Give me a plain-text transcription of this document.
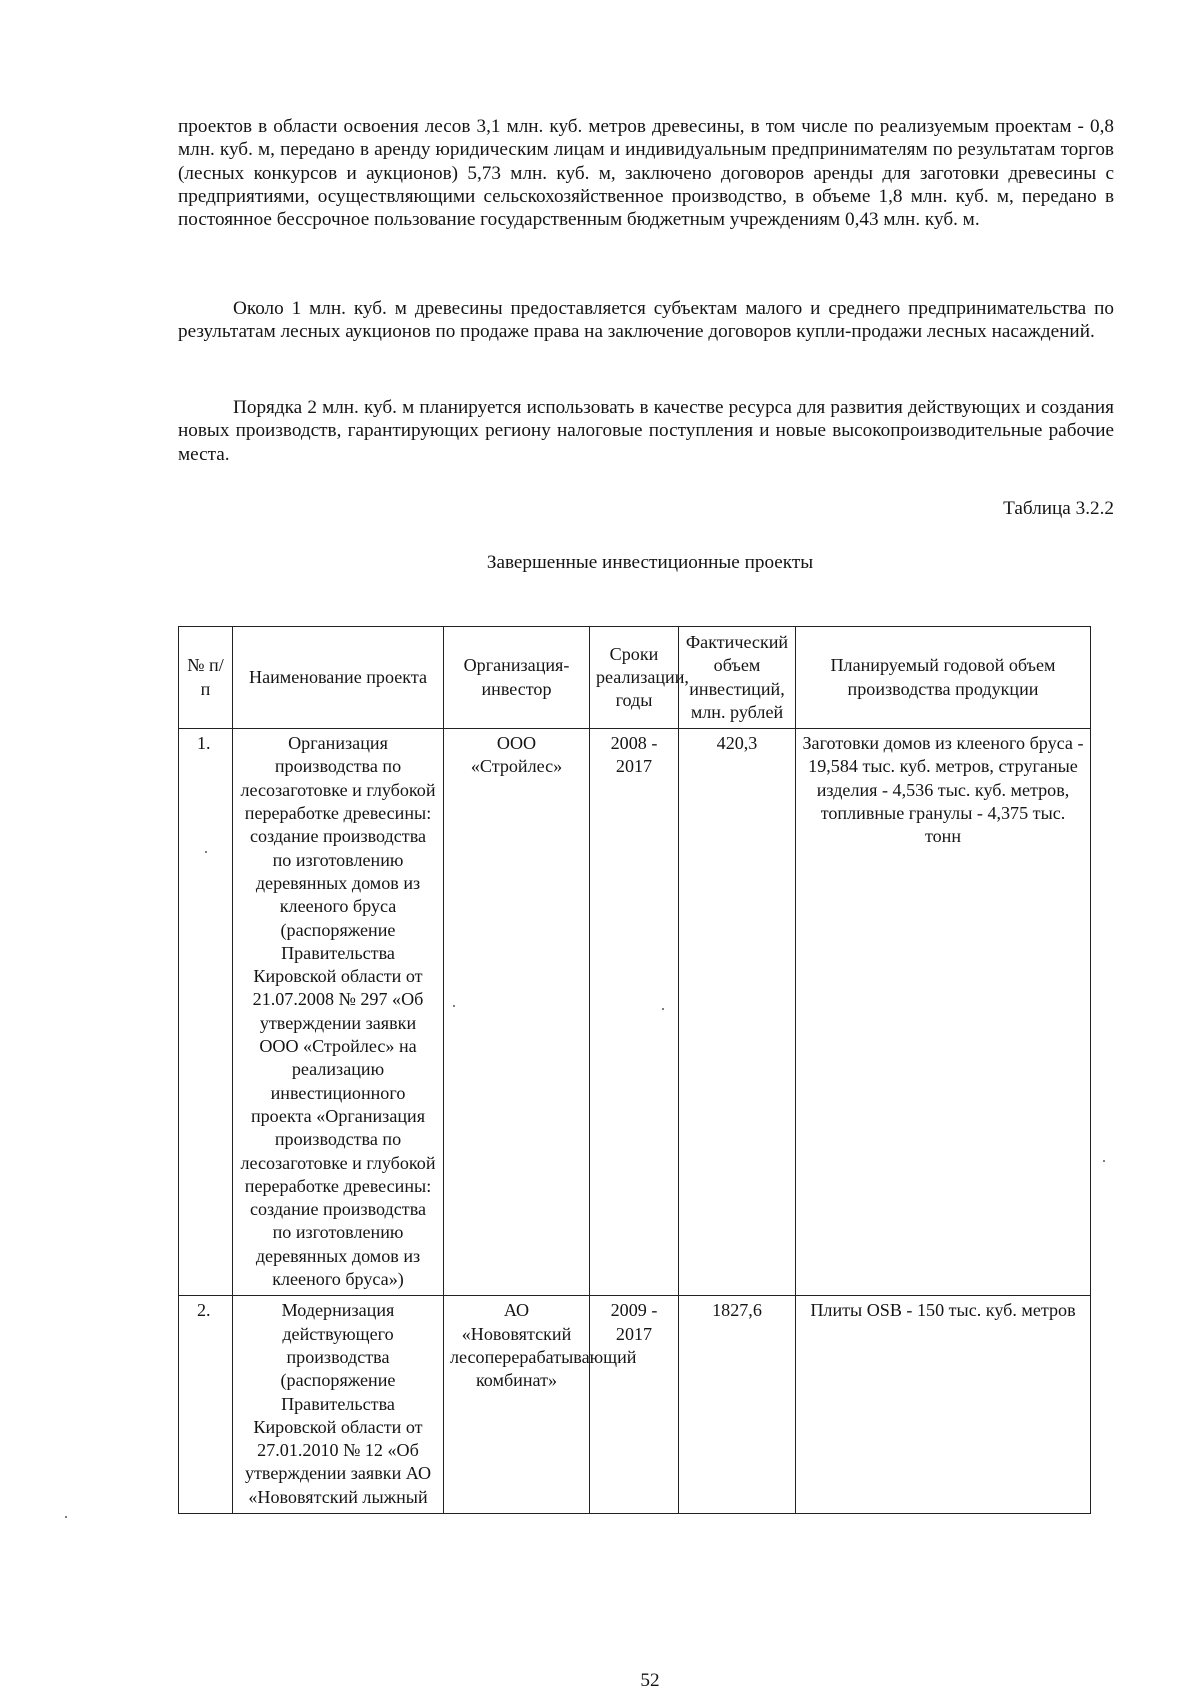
проектов в области освоения лесов 3,1 млн. куб. метров древесины, в том числе по реализуемым проектам - 0,8 млн. куб. м, передано в аренду юридическим лицам и индивидуальным предпринимателям по результатам торгов (лесных конкурсов и аукционов) 5,73 млн. куб. м, заключено договоров аренды для заготовки древесины с предприятиями, осуществляющими сельскохозяйственное производство, в объеме 1,8 млн. куб. м, передано в постоянное бессрочное пользование государственным бюджетным учреждениям 0,43 млн. куб. м.

Около 1 млн. куб. м древесины предоставляется субъектам малого и среднего предпринимательства по результатам лесных аукционов по продаже права на заключение договоров купли-продажи лесных насаждений.

Порядка 2 млн. куб. м планируется использовать в качестве ресурса для развития действующих и создания новых производств, гарантирующих региону налоговые поступления и новые высокопроизводительные рабочие места.

Таблица 3.2.2

Завершенные инвестиционные проекты

№ п/п	Наименование проекта	Организация-инвестор	Сроки реализации, годы	Фактический объем инвестиций, млн. рублей	Планируемый годовой объем производства продукции
1.	Организация производства по лесозаготовке и глубокой переработке древесины: создание производства по изготовлению деревянных домов из клееного бруса (распоряжение Правительства Кировской области от 21.07.2008 № 297 «Об утверждении заявки ООО «Стройлес» на реализацию инвестиционного проекта «Организация производства по лесозаготовке и глубокой переработке древесины: создание производства по изготовлению деревянных домов из клееного бруса»)	ООО «Стройлес»	2008 - 2017	420,3	Заготовки домов из клееного бруса - 19,584 тыс. куб. метров, струганые изделия - 4,536 тыс. куб. метров, топливные гранулы - 4,375 тыс. тонн
2.	Модернизация действующего производства (распоряжение Правительства Кировской области от 27.01.2010 № 12 «Об утверждении заявки АО «Нововятский лыжный	АО «Нововятский лесоперерабатывающий комбинат»	2009 - 2017	1827,6	Плиты OSB - 150 тыс. куб. метров

52
